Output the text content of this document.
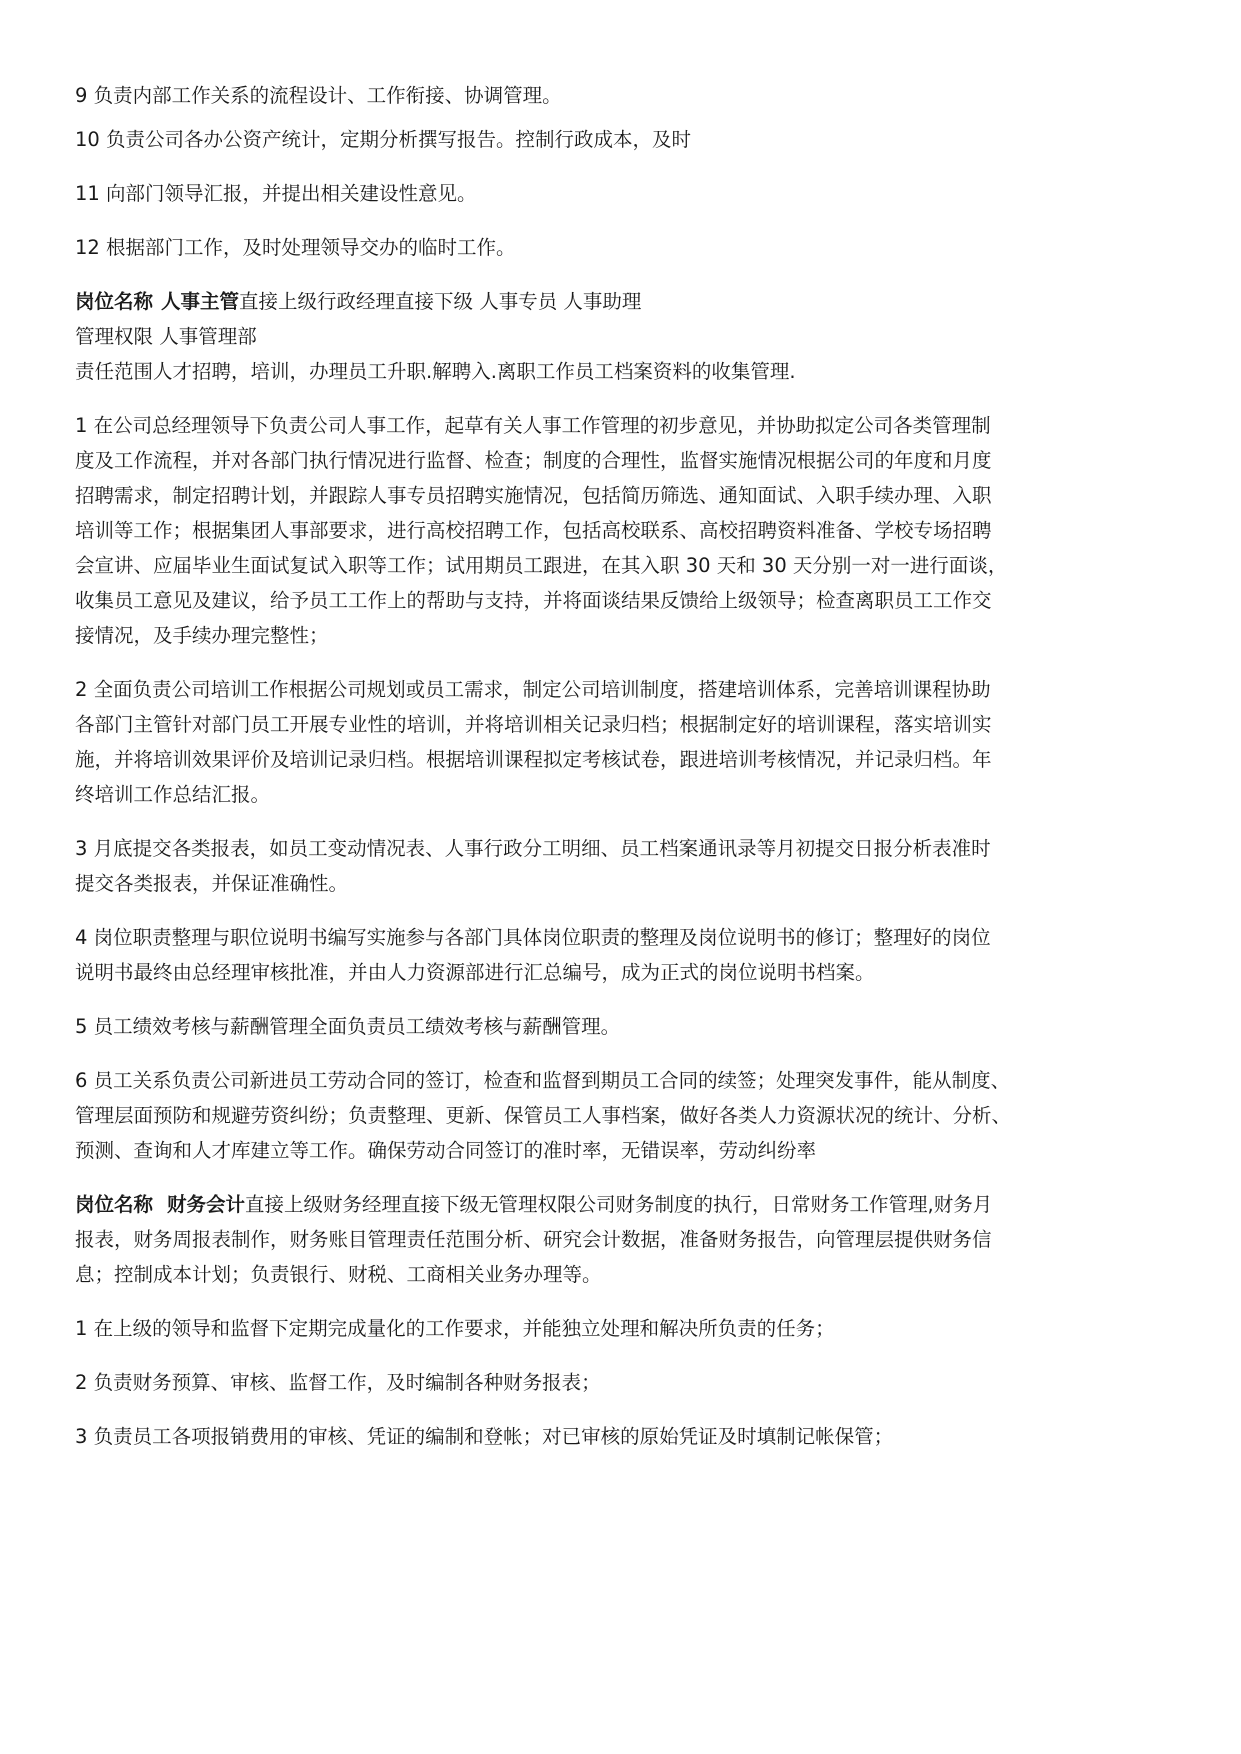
9 负责内部工作关系的流程设计、工作衔接、协调管理。

10 负责公司各办公资产统计，定期分析撰写报告。控制行政成本，及时

11 向部门领导汇报，并提出相关建设性意见。

12 根据部门工作，及时处理领导交办的临时工作。

岗位名称 人事主管直接上级行政经理直接下级 人事专员 人事助理

管理权限 人事管理部

责任范围人才招聘，培训，办理员工升职.解聘入.离职工作员工档案资料的收集管理.

1 在公司总经理领导下负责公司人事工作，起草有关人事工作管理的初步意见，并协助拟定公司各类管理制

度及工作流程，并对各部门执行情况进行监督、检查；制度的合理性，监督实施情况根据公司的年度和月度

招聘需求，制定招聘计划，并跟踪人事专员招聘实施情况，包括简历筛选、通知面试、入职手续办理、入职

培训等工作；根据集团人事部要求，进行高校招聘工作，包括高校联系、高校招聘资料准备、学校专场招聘

会宣讲、应届毕业生面试复试入职等工作；试用期员工跟进，在其入职 30 天和 30 天分别一对一进行面谈，

收集员工意见及建议，给予员工工作上的帮助与支持，并将面谈结果反馈给上级领导；检查离职员工工作交

接情况，及手续办理完整性；

2 全面负责公司培训工作根据公司规划或员工需求，制定公司培训制度，搭建培训体系，完善培训课程协助

各部门主管针对部门员工开展专业性的培训，并将培训相关记录归档；根据制定好的培训课程，落实培训实

施，并将培训效果评价及培训记录归档。根据培训课程拟定考核试卷，跟进培训考核情况，并记录归档。年

终培训工作总结汇报。

3 月底提交各类报表，如员工变动情况表、人事行政分工明细、员工档案通讯录等月初提交日报分析表准时

提交各类报表，并保证准确性。

4 岗位职责整理与职位说明书编写实施参与各部门具体岗位职责的整理及岗位说明书的修订；整理好的岗位

说明书最终由总经理审核批准，并由人力资源部进行汇总编号，成为正式的岗位说明书档案。

5 员工绩效考核与薪酬管理全面负责员工绩效考核与薪酬管理。

6 员工关系负责公司新进员工劳动合同的签订，检查和监督到期员工合同的续签；处理突发事件，能从制度、

管理层面预防和规避劳资纠纷；负责整理、更新、保管员工人事档案，做好各类人力资源状况的统计、分析、

预测、查询和人才库建立等工作。确保劳动合同签订的准时率，无错误率，劳动纠纷率

岗位名称 财务会计直接上级财务经理直接下级无管理权限公司财务制度的执行，日常财务工作管理,财务月

报表，财务周报表制作，财务账目管理责任范围分析、研究会计数据，准备财务报告，向管理层提供财务信

息；控制成本计划；负责银行、财税、工商相关业务办理等。

1 在上级的领导和监督下定期完成量化的工作要求，并能独立处理和解决所负责的任务；

2 负责财务预算、审核、监督工作，及时编制各种财务报表；

3 负责员工各项报销费用的审核、凭证的编制和登帐；对已审核的原始凭证及时填制记帐保管；
